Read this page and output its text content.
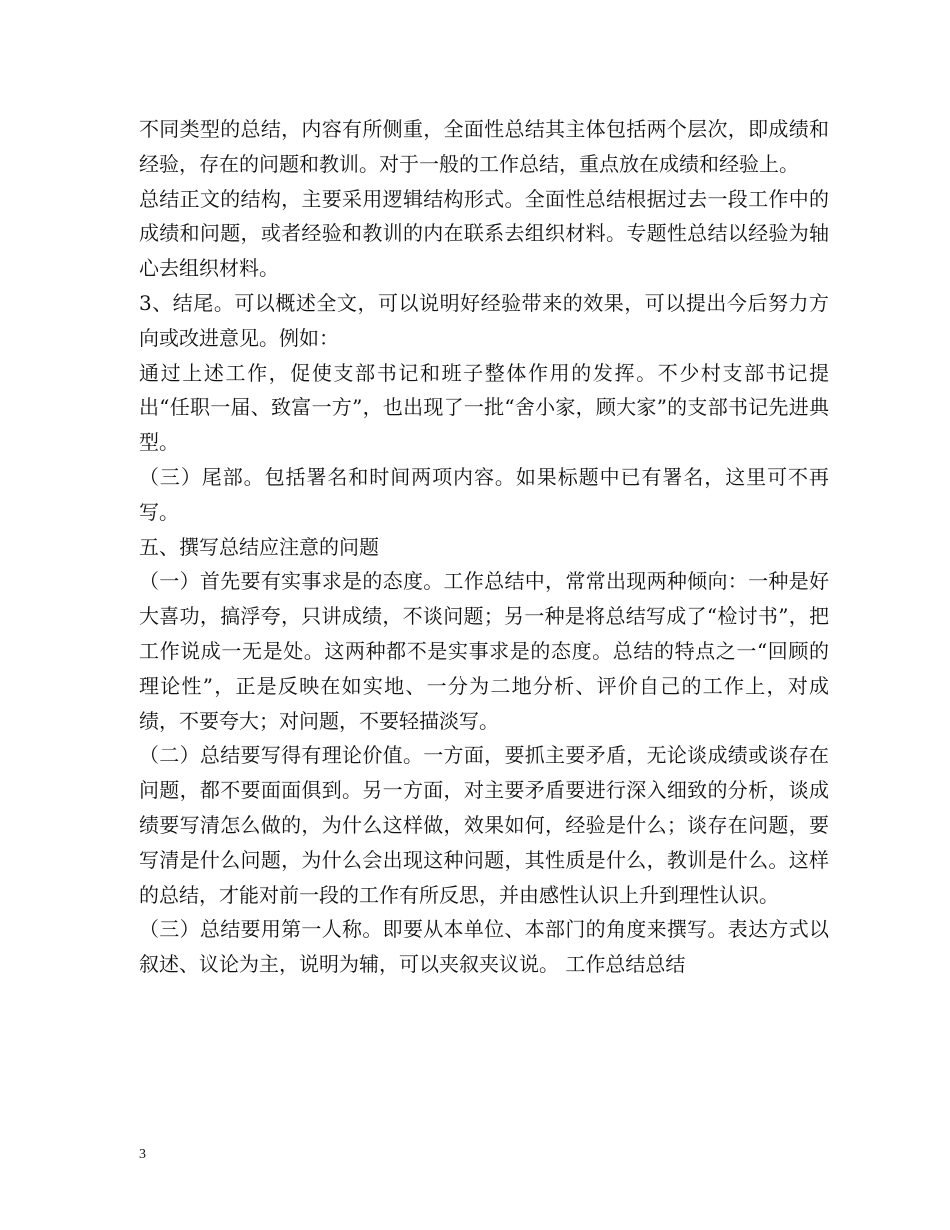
不同类型的总结，内容有所侧重，全面性总结其主体包括两个层次，即成绩和经验，存在的问题和教训。对于一般的工作总结，重点放在成绩和经验上。

总结正文的结构，主要采用逻辑结构形式。全面性总结根据过去一段工作中的成绩和问题，或者经验和教训的内在联系去组织材料。专题性总结以经验为轴心去组织材料。

3、结尾。可以概述全文，可以说明好经验带来的效果，可以提出今后努力方向或改进意见。例如：

通过上述工作，促使支部书记和班子整体作用的发挥。不少村支部书记提出“任职一届、致富一方”，也出现了一批“舍小家，顾大家”的支部书记先进典型。

（三）尾部。包括署名和时间两项内容。如果标题中已有署名，这里可不再写。

五、撰写总结应注意的问题

（一）首先要有实事求是的态度。工作总结中，常常出现两种倾向：一种是好大喜功，搞浮夸，只讲成绩，不谈问题；另一种是将总结写成了“检讨书”，把工作说成一无是处。这两种都不是实事求是的态度。总结的特点之一“回顾的理论性”，正是反映在如实地、一分为二地分析、评价自己的工作上，对成绩，不要夸大；对问题，不要轻描淡写。

（二）总结要写得有理论价值。一方面，要抓主要矛盾，无论谈成绩或谈存在问题，都不要面面俱到。另一方面，对主要矛盾要进行深入细致的分析，谈成绩要写清怎么做的，为什么这样做，效果如何，经验是什么；谈存在问题，要写清是什么问题，为什么会出现这种问题，其性质是什么，教训是什么。这样的总结，才能对前一段的工作有所反思，并由感性认识上升到理性认识。

（三）总结要用第一人称。即要从本单位、本部门的角度来撰写。表达方式以叙述、议论为主，说明为辅，可以夹叙夹议说。 工作总结总结

3
